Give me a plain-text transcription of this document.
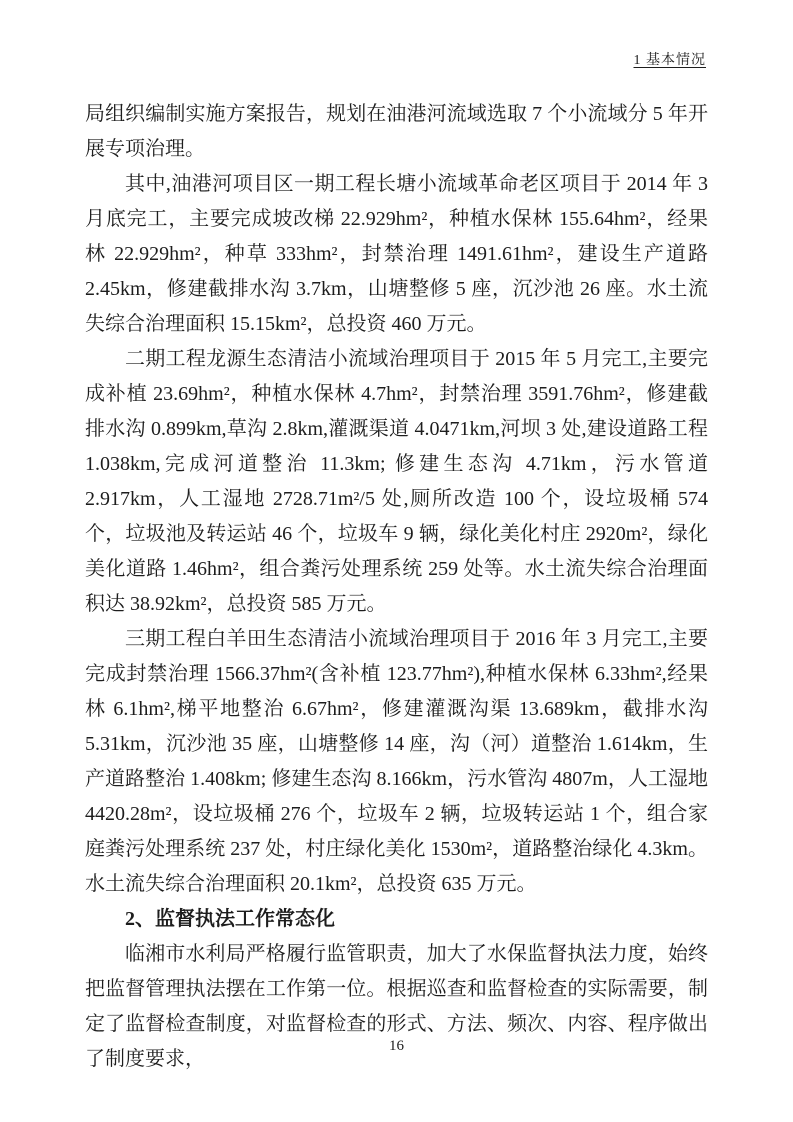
1 基本情况

局组织编制实施方案报告，规划在油港河流域选取 7 个小流域分 5 年开展专项治理。

其中,油港河项目区一期工程长塘小流域革命老区项目于 2014 年 3 月底完工，主要完成坡改梯 22.929hm²，种植水保林 155.64hm²，经果林 22.929hm²，种草 333hm²，封禁治理 1491.61hm²，建设生产道路 2.45km，修建截排水沟 3.7km，山塘整修 5 座，沉沙池 26 座。水土流失综合治理面积 15.15km²，总投资 460 万元。

二期工程龙源生态清洁小流域治理项目于 2015 年 5 月完工,主要完成补植 23.69hm²，种植水保林 4.7hm²，封禁治理 3591.76hm²，修建截排水沟 0.899km,草沟 2.8km,灌溉渠道 4.0471km,河坝 3 处,建设道路工程 1.038km,完成河道整治 11.3km; 修建生态沟 4.71km，污水管道 2.917km，人工湿地 2728.71m²/5 处,厕所改造 100 个，设垃圾桶 574 个，垃圾池及转运站 46 个，垃圾车 9 辆，绿化美化村庄 2920m²，绿化美化道路 1.46hm²，组合粪污处理系统 259 处等。水土流失综合治理面积达 38.92km²，总投资 585 万元。

三期工程白羊田生态清洁小流域治理项目于 2016 年 3 月完工,主要完成封禁治理 1566.37hm²(含补植 123.77hm²),种植水保林 6.33hm²,经果林 6.1hm²,梯平地整治 6.67hm²，修建灌溉沟渠 13.689km，截排水沟 5.31km，沉沙池 35 座，山塘整修 14 座，沟（河）道整治 1.614km，生产道路整治 1.408km; 修建生态沟 8.166km，污水管沟 4807m，人工湿地 4420.28m²，设垃圾桶 276 个，垃圾车 2 辆，垃圾转运站 1 个，组合家庭粪污处理系统 237 处，村庄绿化美化 1530m²，道路整治绿化 4.3km。水土流失综合治理面积 20.1km²，总投资 635 万元。

2、监督执法工作常态化

临湘市水利局严格履行监管职责，加大了水保监督执法力度，始终把监督管理执法摆在工作第一位。根据巡查和监督检查的实际需要，制定了监督检查制度，对监督检查的形式、方法、频次、内容、程序做出了制度要求，

16
